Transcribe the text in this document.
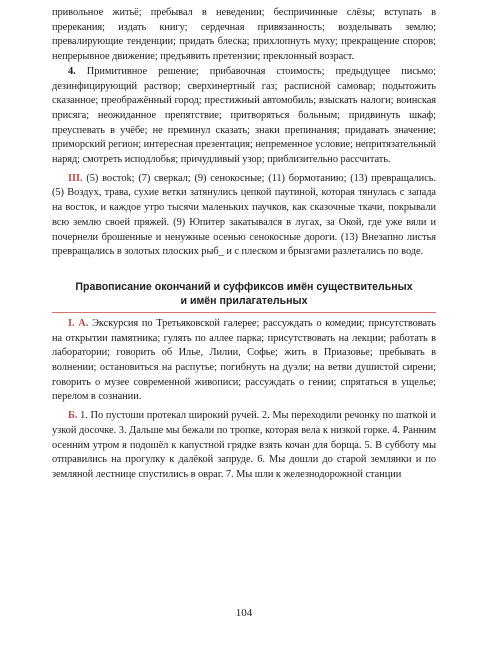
привольное житьё; пребывал в неведении; беспричинные слёзы; вступать в пререкания; издать книгу; сердечная привязанность; возделывать землю; превалирующие тенденции; придать блеска; прихлопнуть муху; прекращение споров; непрерывное движение; предъявить претензии; преклонный возраст.

4. Примитивное решение; прибавочная стоимость; предыдущее письмо; дезинфицирующий раствор; сверхинертный газ; расписной самовар; подытожить сказанное; преображённый город; престижный автомобиль; взыскать налоги; воинская присяга; неожиданное препятствие; притворяться больным; придвинуть шкаф; преуспевать в учёбе; не преминул сказать; знаки препинания; придавать значение; приморский регион; интересная презентация; непременное условие; непритязательный наряд; смотреть исподлобья; причудливый узор; приблизительно рассчитать.

III. (5) востok; (7) сверкал; (9) сенокосные; (11) бормотанию; (13) превращались. (5) Воздух, трава, сухие ветки затянулись цепкой паутиной, которая тянулась с запада на восток, и каждое утро тысячи маленьких паучков, как сказочные ткачи, покрывали всю землю своей пряжей. (9) Юпитер закатывался в лугах, за Окой, где уже вяли и почернели брошенные и ненужные осенью сенокосные дороги. (13) Внезапно листья превращались в золотых плоских рыб_ и с плеском и брызгами разлетались по воде.

Правописание окончаний и суффиксов имён существительных

и имён прилагательных

I. А. Экскурсия по Третьяковской галерее; рассуждать о комедии; присутствовать на открытии памятника; гулять по аллее парка; присутствовать на лекции; работать в лаборатории; говорить об Илье, Лилии, Софье; жить в Приазовье; пребывать в волнении; остановиться на распутье; погибнуть на дуэли; на ветви душистой сирени; говорить о музее современной живописи; рассуждать о гении; спрятаться в ущелье; перелом в сознании.

Б. 1. По пустоши протекал широкий ручей. 2. Мы переходили речонку по шаткой и узкой досочке. 3. Дальше мы бежали по тропке, которая вела к низкой горке. 4. Ранним осенним утром я подошёл к капустной грядке взять кочан для борща. 5. В субботу мы отправились на прогулку к далёкой запруде. 6. Мы дошли до старой землянки и по земляной лестнице спустились в овраг. 7. Мы шли к железнодорожной станции

104
